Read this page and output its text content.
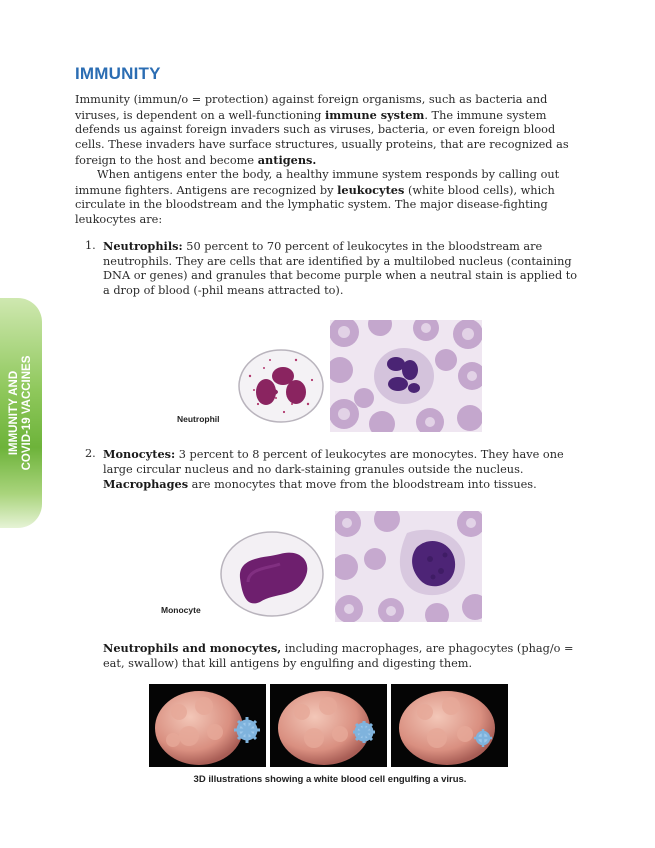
IMMUNITY
IMMUNITY AND COVID-19 VACCINES

Immunity (immun/o = protection) against foreign organisms, such as bacteria and viruses, is dependent on a well-functioning immune system. The immune system defends us against foreign invaders such as viruses, bacteria, or even foreign blood cells. These invaders have surface structures, usually proteins, that are recognized as foreign to the host and become antigens.

When antigens enter the body, a healthy immune system responds by calling out immune fighters. Antigens are recognized by leukocytes (white blood cells), which circulate in the bloodstream and the lymphatic system. The major disease-fighting leukocytes are:

1. Neutrophils: 50 percent to 70 percent of leukocytes in the bloodstream are neutrophils. They are cells that are identified by a multilobed nucleus (containing DNA or genes) and granules that become purple when a neutral stain is applied to a drop of blood (-phil means attracted to).
Neutrophil
2. Monocytes: 3 percent to 8 percent of leukocytes are monocytes. They have one large circular nucleus and no dark-staining granules outside the nucleus. Macrophages are monocytes that move from the bloodstream into tissues.
Monocyte

Neutrophils and monocytes, including macrophages, are phagocytes (phag/o = eat, swallow) that kill antigens by engulfing and digesting them.

3D illustrations showing a white blood cell engulfing a virus.
